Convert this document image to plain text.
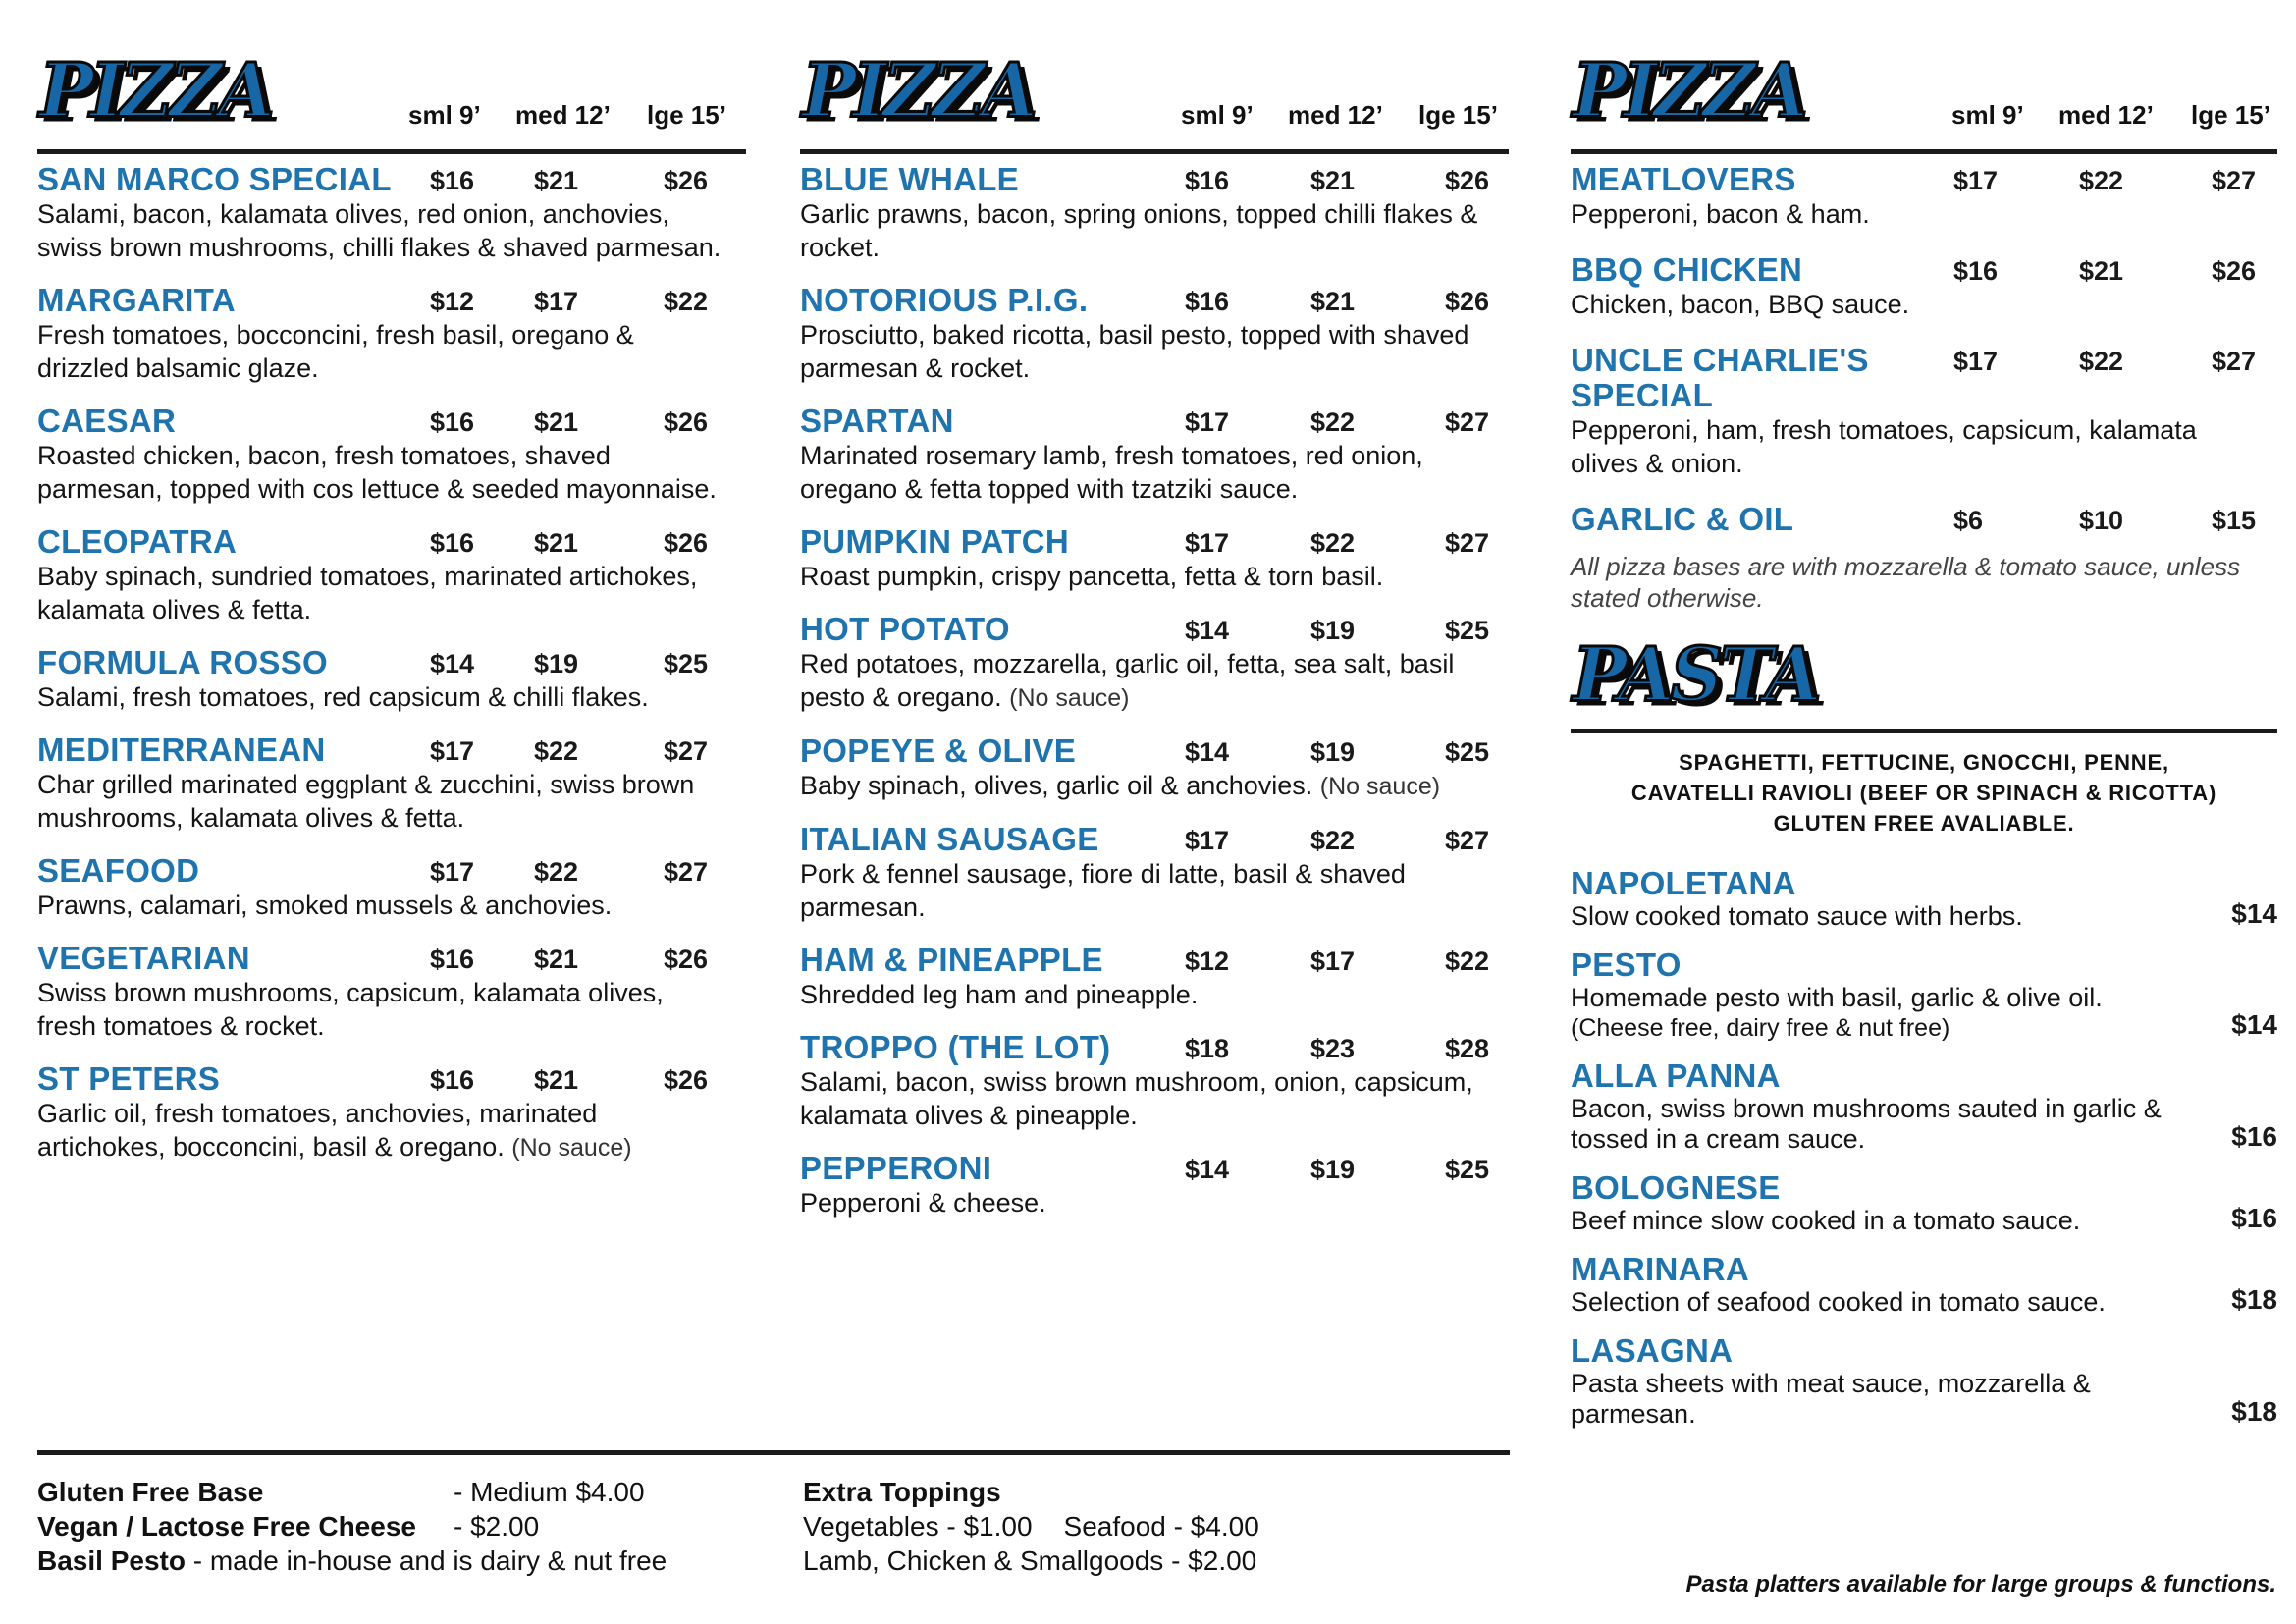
PIZZA	sml 9’ med 12’ lge 15’
SAN MARCO SPECIAL	$16 $21	$26
Salami, bacon, kalamata olives, red onion, anchovies, swiss brown mushrooms, chilli flakes & shaved parmesan.
MARGARITA	$12 $17	$22
Fresh tomatoes, bocconcini, fresh basil, oregano & drizzled balsamic glaze.
CAESAR	$16 $21	$26
Roasted chicken, bacon, fresh tomatoes, shaved parmesan, topped with cos lettuce & seeded mayonnaise.
CLEOPATRA	$16 $21	$26
Baby spinach, sundried tomatoes, marinated artichokes, kalamata olives & fetta.
FORMULA ROSSO	$14 $19	$25
Salami, fresh tomatoes, red capsicum & chilli flakes.
MEDITERRANEAN	$17 $22	$27
Char grilled marinated eggplant & zucchini, swiss brown mushrooms, kalamata olives & fetta.
SEAFOOD	$17 $22	$27
Prawns, calamari, smoked mussels & anchovies.
VEGETARIAN	$16 $21	$26
Swiss brown mushrooms, capsicum, kalamata olives, fresh tomatoes & rocket.
ST PETERS	$16 $21	$26
Garlic oil, fresh tomatoes, anchovies, marinated artichokes, bocconcini, basil & oregano. (No sauce)
PIZZA	sml 9’ med 12’ lge 15’
BLUE WHALE	$16	$21	$26
Garlic prawns, bacon, spring onions, topped chilli flakes & rocket.
NOTORIOUS P.I.G.	$16	$21	$26
Prosciutto, baked ricotta, basil pesto, topped with shaved parmesan & rocket.
SPARTAN	$17	$22	$27
Marinated rosemary lamb, fresh tomatoes, red onion, oregano & fetta topped with tzatziki sauce.
PUMPKIN PATCH	$17	$22	$27
Roast pumpkin, crispy pancetta, fetta & torn basil.
HOT POTATO	$14	$19	$25
Red potatoes, mozzarella, garlic oil, fetta, sea salt, basil pesto & oregano. (No sauce)
POPEYE & OLIVE	$14	$19	$25
Baby spinach, olives, garlic oil & anchovies. (No sauce)
ITALIAN SAUSAGE	$17	$22	$27
Pork & fennel sausage, fiore di latte, basil & shaved parmesan.
HAM & PINEAPPLE	$12	$17	$22
Shredded leg ham and pineapple.
TROPPO (THE LOT)	$18	$23	$28
Salami, bacon, swiss brown mushroom, onion, capsicum, kalamata olives & pineapple.
PEPPERONI	$14	$19	$25
Pepperoni & cheese.
PIZZA	sml 9’ med 12’ lge 15’
MEATLOVERS	$17	$22	$27
Pepperoni, bacon & ham.
BBQ CHICKEN	$16	$21	$26
Chicken, bacon, BBQ sauce.
UNCLE CHARLIE'S SPECIAL
$17	$22	$27
Pepperoni, ham, fresh tomatoes, capsicum, kalamata olives & onion.
GARLIC & OIL	$6	$10	$15
All pizza bases are with mozzarella & tomato sauce, unless stated otherwise.
PASTA
SPAGHETTI, FETTUCINE, GNOCCHI, PENNE,
CAVATELLI RAVIOLI (BEEF OR SPINACH & RICOTTA)
GLUTEN FREE AVALIABLE.
NAPOLETANA
Slow cooked tomato sauce with herbs.	$14
PESTO
Homemade pesto with basil, garlic & olive oil.
(Cheese free, dairy free & nut free)	$14
ALLA PANNA
Bacon, swiss brown mushrooms sauted in garlic & tossed in a cream sauce.	$16
BOLOGNESE
Beef mince slow cooked in a tomato sauce.	$16
MARINARA
Selection of seafood cooked in tomato sauce.	$18
LASAGNA
Pasta sheets with meat sauce, mozzarella & parmesan.	$18
Gluten Free Base	- Medium $4.00
Vegan / Lactose Free Cheese - $2.00
Basil Pesto - made in-house and is dairy & nut free
Extra Toppings
Vegetables - $1.00 Seafood - $4.00
Lamb, Chicken & Smallgoods - $2.00
Pasta platters available for large groups & functions.
